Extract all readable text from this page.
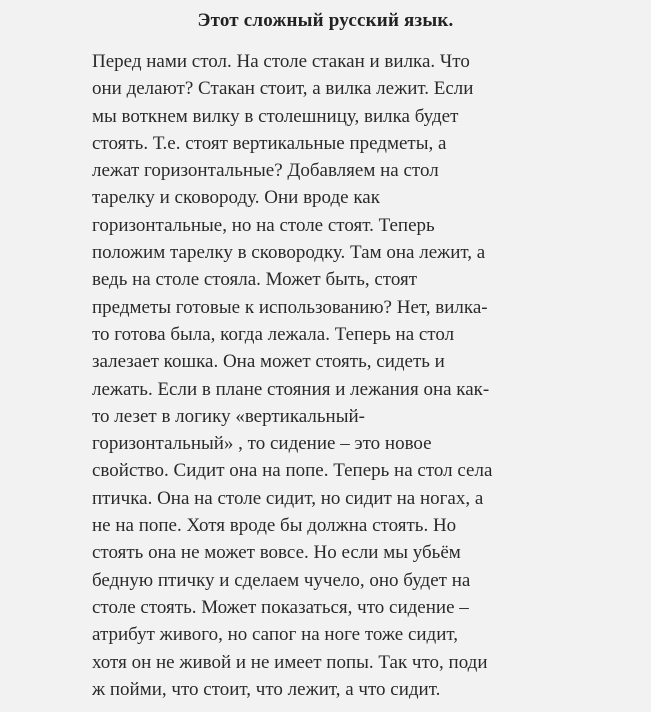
Этот сложный русский язык.
Перед нами стол. На столе стакан и вилка. Что
они делают? Стакан стоит, а вилка лежит. Если
мы воткнем вилку в столешницу, вилка будет
стоять. Т.е. стоят вертикальные предметы, а
лежат горизонтальные? Добавляем на стол
тарелку и сковороду. Они вроде как
горизонтальные, но на столе стоят. Теперь
положим тарелку в сковородку. Там она лежит, а
ведь на столе стояла. Может быть, стоят
предметы готовые к использованию? Нет, вилка-
то готова была, когда лежала. Теперь на стол
залезает кошка. Она может стоять, сидеть и
лежать. Если в плане стояния и лежания она как-
то лезет в логику «вертикальный-
горизонтальный» , то сидение – это новое
свойство. Сидит она на попе. Теперь на стол села
птичка. Она на столе сидит, но сидит на ногах, а
не на попе. Хотя вроде бы должна стоять. Но
стоять она не может вовсе. Но если мы убьём
бедную птичку и сделаем чучело, оно будет на
столе стоять. Может показаться, что сидение –
атрибут живого, но сапог на ноге тоже сидит,
хотя он не живой и не имеет попы. Так что, поди
ж пойми, что стоит, что лежит, а что сидит.
